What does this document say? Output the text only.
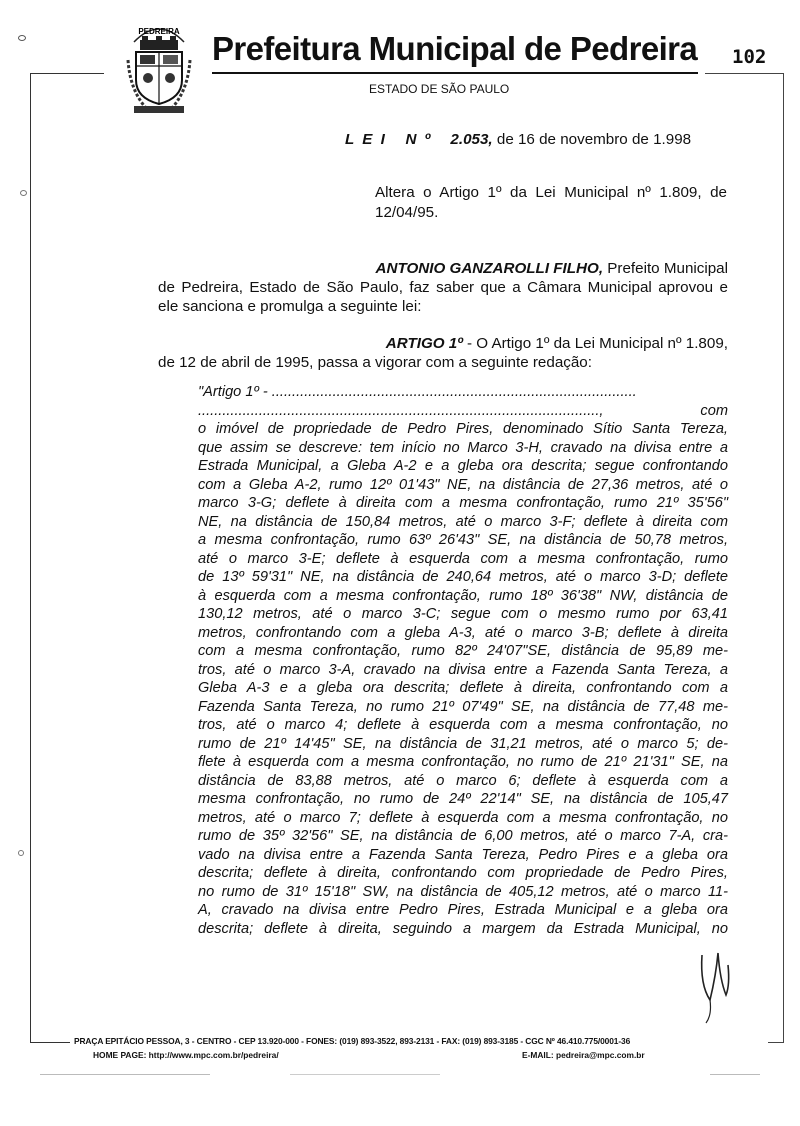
PEDREIRA Prefeitura Municipal de Pedreira
ESTADO DE SÃO PAULO
102
L E I   N º 2.053, de 16 de novembro de 1.998
Altera o Artigo 1º da Lei Municipal nº 1.809, de
12/04/95.
ANTONIO GANZAROLLI FILHO, Prefeito Municipal
de Pedreira, Estado de São Paulo, faz saber que a Câmara Municipal aprovou e
ele sanciona e promulga a seguinte lei:
ARTIGO 1º - O Artigo 1º da Lei Municipal nº 1.809,
de 12 de abril de 1995, passa a vigorar com a seguinte redação:
"Artigo 1º - ..........................................................................................
..................................................................................................., com
o imóvel de propriedade de Pedro Pires, denominado Sítio Santa Tereza,
que assim se descreve: tem início no Marco 3-H, cravado na divisa entre a
Estrada Municipal, a Gleba A-2 e a gleba ora descrita; segue confrontando
com a Gleba A-2, rumo 12º 01'43" NE, na distância de 27,36 metros, até o
marco 3-G; deflete à direita com a mesma confrontação, rumo 21º 35'56"
NE, na distância de 150,84 metros, até o marco 3-F; deflete à direita com
a mesma confrontação, rumo 63º 26'43" SE, na distância de 50,78 metros,
até o marco 3-E; deflete à esquerda com a mesma confrontação, rumo
de 13º 59'31" NE, na distância de 240,64 metros, até o marco 3-D; deflete
à esquerda com a mesma confrontação, rumo 18º 36'38" NW, distância de
130,12 metros, até o marco 3-C; segue com o mesmo rumo por 63,41
metros, confrontando com a gleba A-3, até o marco 3-B; deflete à direita
com a mesma confrontação, rumo 82º 24'07"SE, distância de 95,89 me-
tros, até o marco 3-A, cravado na divisa entre a Fazenda Santa Tereza, a
Gleba A-3 e a gleba ora descrita; deflete à direita, confrontando com a
Fazenda Santa Tereza, no rumo 21º 07'49" SE, na distância de 77,48 me-
tros, até o marco 4; deflete à esquerda com a mesma confrontação, no
rumo de 21º 14'45" SE, na distância de 31,21 metros, até o marco 5; de-
flete à esquerda com a mesma confrontação, no rumo de 21º 21'31" SE, na
distância de 83,88 metros, até o marco 6; deflete à esquerda com a
mesma confrontação, no rumo de 24º 22'14" SE, na distância de 105,47
metros, até o marco 7; deflete à esquerda com a mesma confrontação, no
rumo de 35º 32'56" SE, na distância de 6,00 metros, até o marco 7-A, cra-
vado na divisa entre a Fazenda Santa Tereza, Pedro Pires e a gleba ora
descrita; deflete à direita, confrontando com propriedade de Pedro Pires,
no rumo de 31º 15'18" SW, na distância de 405,12 metros, até o marco 11-
A, cravado na divisa entre Pedro Pires, Estrada Municipal e a gleba ora
descrita; deflete à direita, seguindo a margem da Estrada Municipal, no
PRAÇA EPITÁCIO PESSOA, 3 - CENTRO - CEP 13.920-000 - FONES: (019) 893-3522, 893-2131 - FAX: (019) 893-3185 - CGC Nº 46.410.775/0001-36
HOME PAGE: http://www.mpc.com.br/pedreira/	E-MAIL: pedreira@mpc.com.br
